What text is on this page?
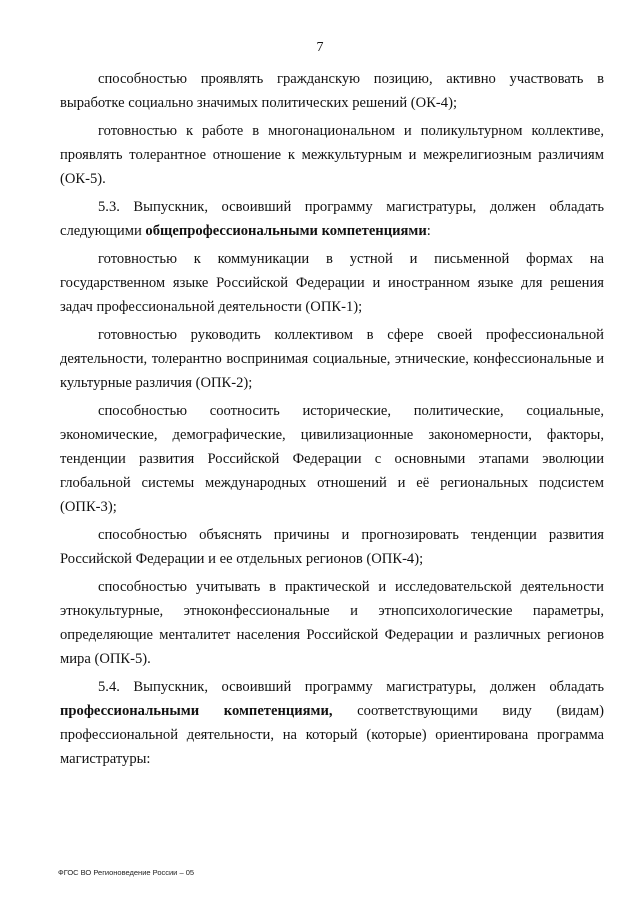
7

способностью проявлять гражданскую позицию, активно участвовать в выработке социально значимых политических решений (ОК-4);

готовностью к работе в многонациональном и поликультурном коллективе, проявлять толерантное отношение к межкультурным и межрелигиозным различиям (ОК-5).

5.3. Выпускник, освоивший программу магистратуры, должен обладать следующими общепрофессиональными компетенциями:

готовностью к коммуникации в устной и письменной формах на государственном языке Российской Федерации и иностранном языке для решения задач профессиональной деятельности (ОПК-1);

готовностью руководить коллективом в сфере своей профессиональной деятельности, толерантно воспринимая социальные, этнические, конфессиональные и культурные различия (ОПК-2);

способностью соотносить исторические, политические, социальные, экономические, демографические, цивилизационные закономерности, факторы, тенденции развития Российской Федерации с основными этапами эволюции глобальной системы международных отношений и её региональных подсистем (ОПК-3);

способностью объяснять причины и прогнозировать тенденции развития Российской Федерации и ее отдельных регионов (ОПК-4);

способностью учитывать в практической и исследовательской деятельности этнокультурные, этноконфессиональные и этнопсихологические параметры, определяющие менталитет населения Российской Федерации и различных регионов мира (ОПК-5).

5.4. Выпускник, освоивший программу магистратуры, должен обладать профессиональными компетенциями, соответствующими виду (видам) профессиональной деятельности, на который (которые) ориентирована программа магистратуры:

ФГОС ВО Регионоведение России – 05
